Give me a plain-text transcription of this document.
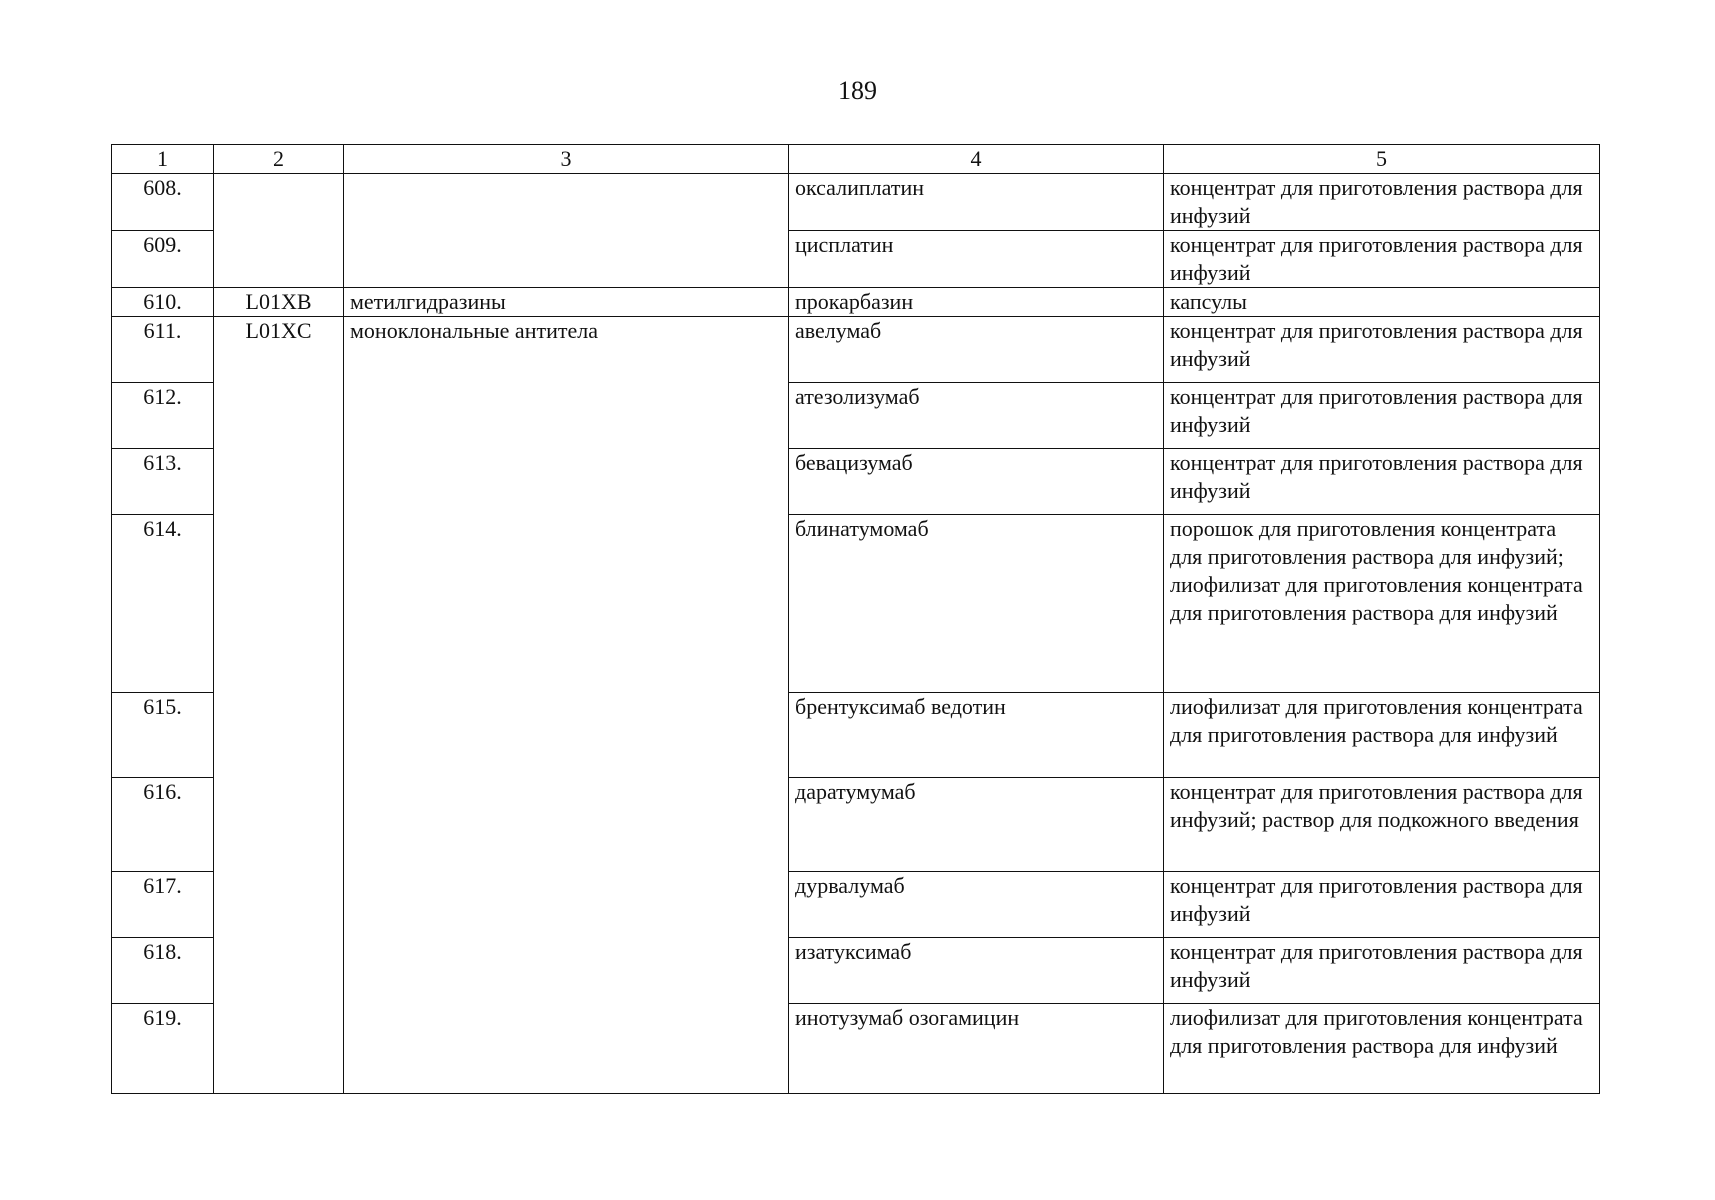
189
1	2	3	4	5
608.			оксалиплатин	концентрат для приготовления раствора для инфузий
609.			цисплатин	концентрат для приготовления раствора для инфузий
610.	L01XB	метилгидразины	прокарбазин	капсулы
611.	L01XC	моноклональные антитела	авелумаб	концентрат для приготовления раствора для инфузий
612.			атезолизумаб	концентрат для приготовления раствора для инфузий
613.			бевацизумаб	концентрат для приготовления раствора для инфузий
614.			блинатумомаб	порошок для приготовления концентрата для приготовления раствора для инфузий; лиофилизат для приготовления концентрата для приготовления раствора для инфузий
615.			брентуксимаб ведотин	лиофилизат для приготовления концентрата для приготовления раствора для инфузий
616.			даратумумаб	концентрат для приготовления раствора для инфузий; раствор для подкожного введения
617.			дурвалумаб	концентрат для приготовления раствора для инфузий
618.			изатуксимаб	концентрат для приготовления раствора для инфузий
619.			инотузумаб озогамицин	лиофилизат для приготовления концентрата для приготовления раствора для инфузий
